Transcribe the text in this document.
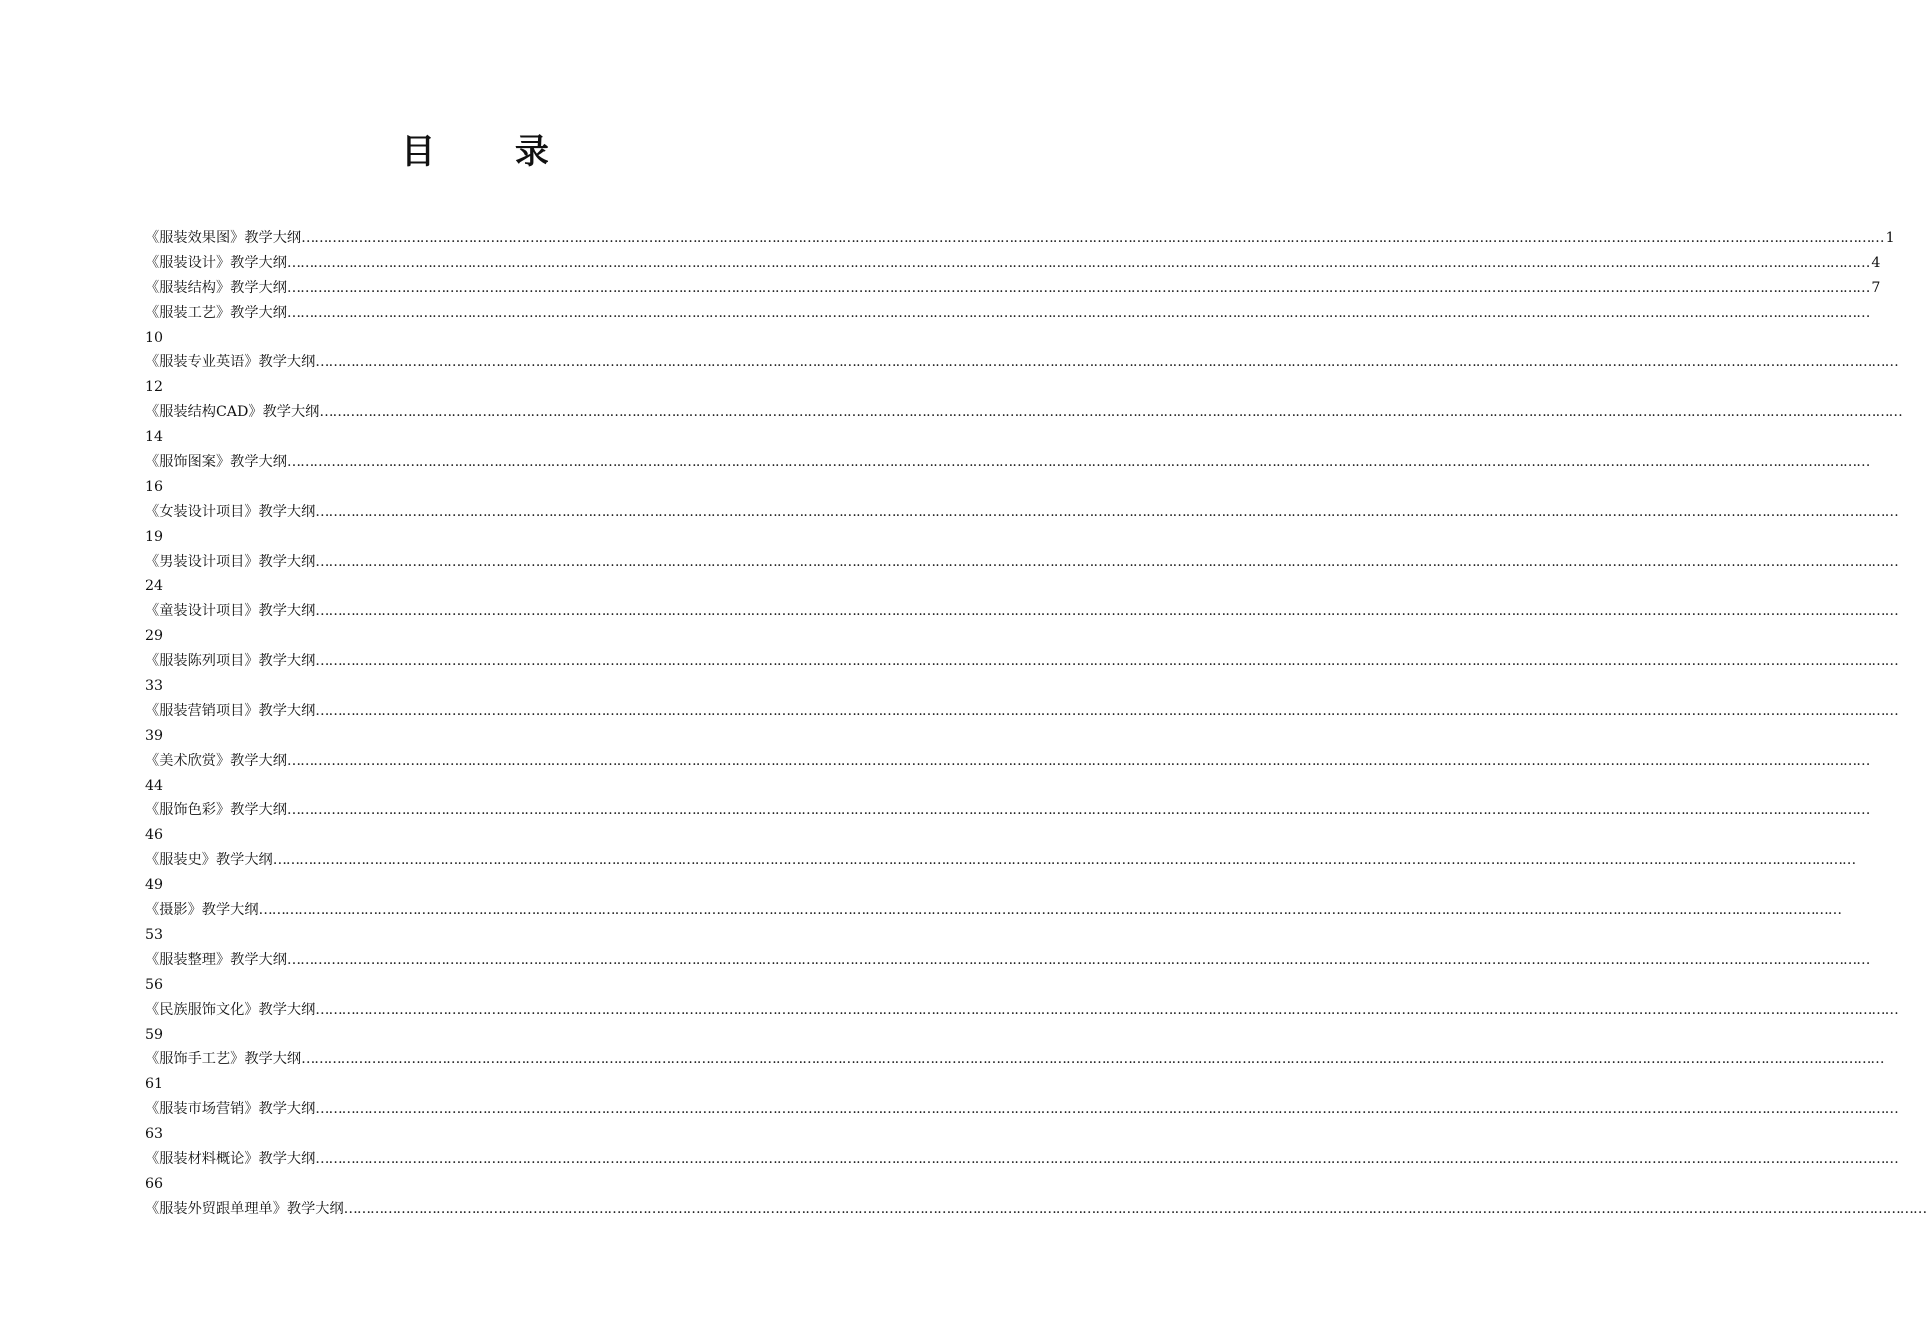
目 录
《服装效果图》教学大纲 ……………………………………………………………………………………………………………………………………………………………………………………………………………………………………………………………………………………………………………………………… 1
《服装设计》教学大纲 ……………………………………………………………………………………………………………………………………………………………………………………………………………………………………………………………………………………………………………………………… 4
《服装结构》教学大纲 ……………………………………………………………………………………………………………………………………………………………………………………………………………………………………………………………………………………………………………………………… 7
《服装工艺》教学大纲 ………………………………………………………………………………………………………………………………………………………………………………………………………………………………………………………………………………………………………………………………
10
《服装专业英语》教学大纲 ………………………………………………………………………………………………………………………………………………………………………………………………………………………………………………………………………………………………………………………………
12
《服装结构CAD》教学大纲 ………………………………………………………………………………………………………………………………………………………………………………………………………………………………………………………………………………………………………………………………
14
《服饰图案》教学大纲 ………………………………………………………………………………………………………………………………………………………………………………………………………………………………………………………………………………………………………………………………
16
《女装设计项目》教学大纲 ………………………………………………………………………………………………………………………………………………………………………………………………………………………………………………………………………………………………………………………………
19
《男装设计项目》教学大纲 ………………………………………………………………………………………………………………………………………………………………………………………………………………………………………………………………………………………………………………………………
24
《童装设计项目》教学大纲 ………………………………………………………………………………………………………………………………………………………………………………………………………………………………………………………………………………………………………………………………
29
《服装陈列项目》教学大纲 ………………………………………………………………………………………………………………………………………………………………………………………………………………………………………………………………………………………………………………………………
33
《服装营销项目》教学大纲 ………………………………………………………………………………………………………………………………………………………………………………………………………………………………………………………………………………………………………………………………
39
《美术欣赏》教学大纲 ………………………………………………………………………………………………………………………………………………………………………………………………………………………………………………………………………………………………………………………………
44
《服饰色彩》教学大纲 ………………………………………………………………………………………………………………………………………………………………………………………………………………………………………………………………………………………………………………………………
46
《服装史》教学大纲 ………………………………………………………………………………………………………………………………………………………………………………………………………………………………………………………………………………………………………………………………
49
《摄影》教学大纲 ………………………………………………………………………………………………………………………………………………………………………………………………………………………………………………………………………………………………………………………………
53
《服装整理》教学大纲 ………………………………………………………………………………………………………………………………………………………………………………………………………………………………………………………………………………………………………………………………
56
《民族服饰文化》教学大纲 ………………………………………………………………………………………………………………………………………………………………………………………………………………………………………………………………………………………………………………………………
59
《服饰手工艺》教学大纲 ………………………………………………………………………………………………………………………………………………………………………………………………………………………………………………………………………………………………………………………………
61
《服装市场营销》教学大纲 ………………………………………………………………………………………………………………………………………………………………………………………………………………………………………………………………………………………………………………………………
63
《服装材料概论》教学大纲 ………………………………………………………………………………………………………………………………………………………………………………………………………………………………………………………………………………………………………………………………
66
《服装外贸跟单理单》教学大纲 ………………………………………………………………………………………………………………………………………………………………………………………………………………………………………………………………………………………………………………………………
